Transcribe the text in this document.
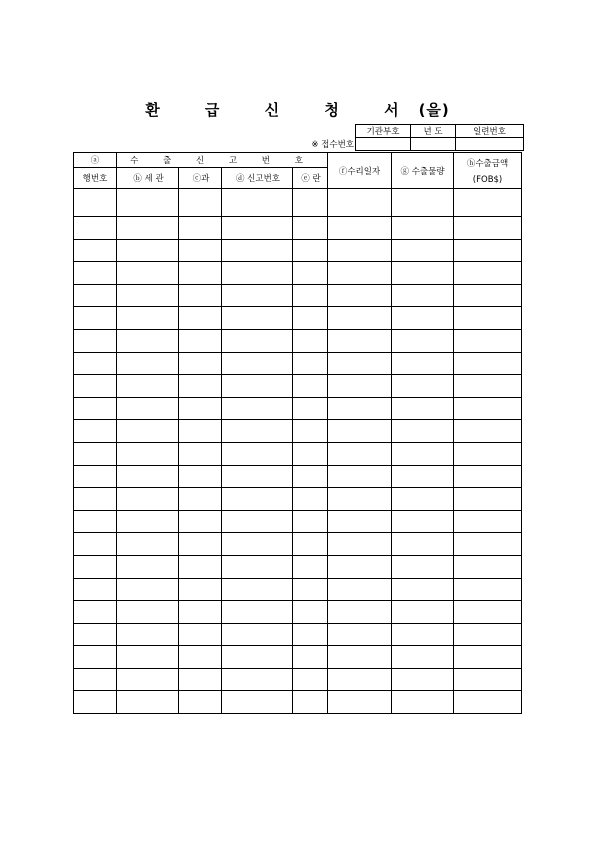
환 급 신 청 서(을)
	기관부호	년 도	일련번호
※ 접수번호			
ⓐ	수 출 신 고 번 호				ⓕ수리일자	ⓖ 수출물량	ⓗ수출금액
(FOB$)

행번호	ⓑ 세 관	ⓒ과	ⓓ 신고번호	ⓔ 란			
